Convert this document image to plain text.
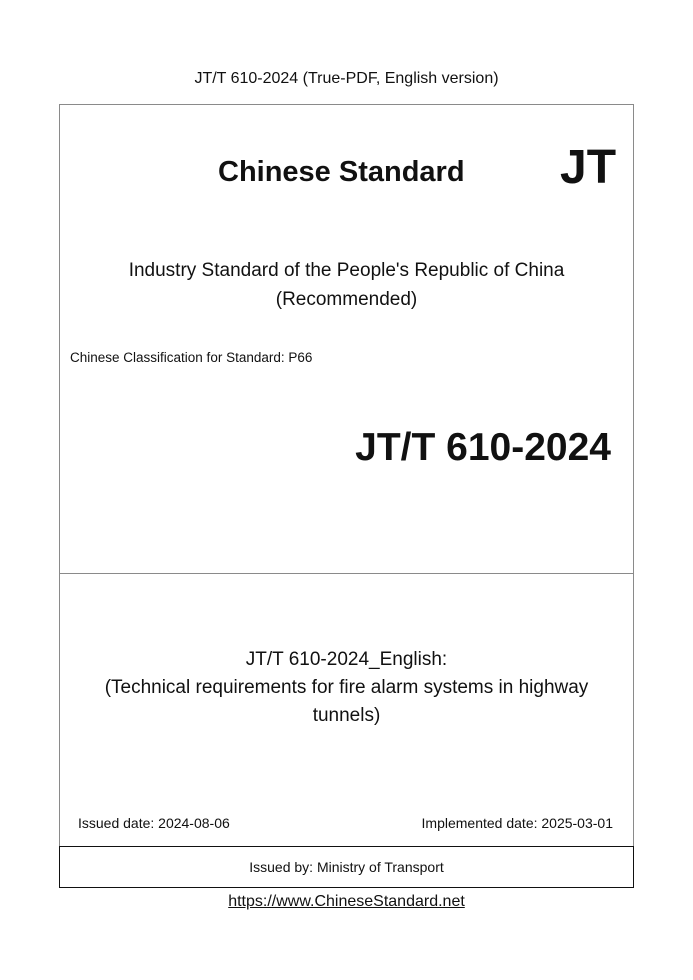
JT/T 610-2024 (True-PDF, English version)
Chinese Standard JT
Industry Standard of the People's Republic of China
(Recommended)
Chinese Classification for Standard: P66
JT/T 610-2024
JT/T 610-2024_English:
(Technical requirements for fire alarm systems in highway
tunnels)
Issued date: 2024-08-06	Implemented date: 2025-03-01
Issued by: Ministry of Transport
https://www.ChineseStandard.net
